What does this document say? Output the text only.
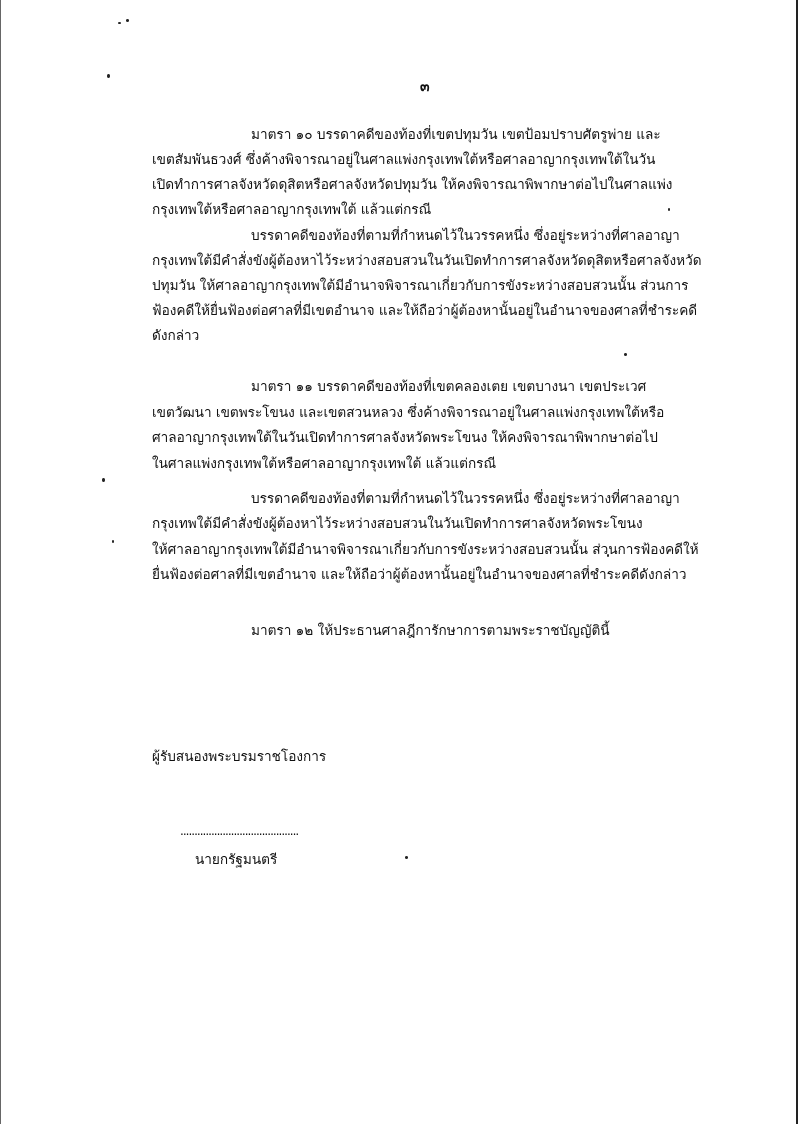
๓
มาตรา ๑๐ บรรดาคดีของท้องที่เขตปทุมวัน เขตป้อมปราบศัตรูพ่าย และ
เขตสัมพันธวงศ์ ซึ่งค้างพิจารณาอยู่ในศาลแพ่งกรุงเทพใต้หรือศาลอาญากรุงเทพใต้ในวัน
เปิดทำการศาลจังหวัดดุสิตหรือศาลจังหวัดปทุมวัน ให้คงพิจารณาพิพากษาต่อไปในศาลแพ่ง
กรุงเทพใต้หรือศาลอาญากรุงเทพใต้ แล้วแต่กรณี
บรรดาคดีของท้องที่ตามที่กำหนดไว้ในวรรคหนึ่ง ซึ่งอยู่ระหว่างที่ศาลอาญา
กรุงเทพใต้มีคำสั่งขังผู้ต้องหาไว้ระหว่างสอบสวนในวันเปิดทำการศาลจังหวัดดุสิตหรือศาลจังหวัด
ปทุมวัน ให้ศาลอาญากรุงเทพใต้มีอำนาจพิจารณาเกี่ยวกับการขังระหว่างสอบสวนนั้น ส่วนการ
ฟ้องคดีให้ยื่นฟ้องต่อศาลที่มีเขตอำนาจ และให้ถือว่าผู้ต้องหานั้นอยู่ในอำนาจของศาลที่ชำระคดี
ดังกล่าว
มาตรา ๑๑ บรรดาคดีของท้องที่เขตคลองเตย เขตบางนา เขตประเวศ
เขตวัฒนา เขตพระโขนง และเขตสวนหลวง ซึ่งค้างพิจารณาอยู่ในศาลแพ่งกรุงเทพใต้หรือ
ศาลอาญากรุงเทพใต้ในวันเปิดทำการศาลจังหวัดพระโขนง ให้คงพิจารณาพิพากษาต่อไป
ในศาลแพ่งกรุงเทพใต้หรือศาลอาญากรุงเทพใต้ แล้วแต่กรณี
บรรดาคดีของท้องที่ตามที่กำหนดไว้ในวรรคหนึ่ง ซึ่งอยู่ระหว่างที่ศาลอาญา
กรุงเทพใต้มีคำสั่งขังผู้ต้องหาไว้ระหว่างสอบสวนในวันเปิดทำการศาลจังหวัดพระโขนง
ให้ศาลอาญากรุงเทพใต้มีอำนาจพิจารณาเกี่ยวกับการขังระหว่างสอบสวนนั้น ส่วนการฟ้องคดีให้
ยื่นฟ้องต่อศาลที่มีเขตอำนาจ และให้ถือว่าผู้ต้องหานั้นอยู่ในอำนาจของศาลที่ชำระคดีดังกล่าว
มาตรา ๑๒ ให้ประธานศาลฎีการักษาการตามพระราชบัญญัตินี้
ผู้รับสนองพระบรมราชโองการ
..........................................
นายกรัฐมนตรี
